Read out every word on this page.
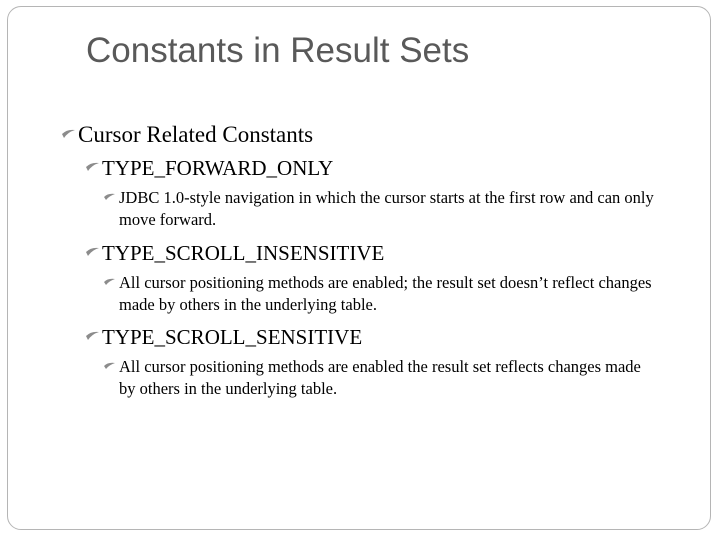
Constants in Result Sets
Cursor Related Constants
TYPE_FORWARD_ONLY
JDBC 1.0-style navigation in which the cursor starts at the first row and can only move forward.
TYPE_SCROLL_INSENSITIVE
All cursor positioning methods are enabled; the result set doesn’t reflect changes made by others in the underlying table.
TYPE_SCROLL_SENSITIVE
All cursor positioning methods are enabled the result set reflects changes made by others in the underlying table.
